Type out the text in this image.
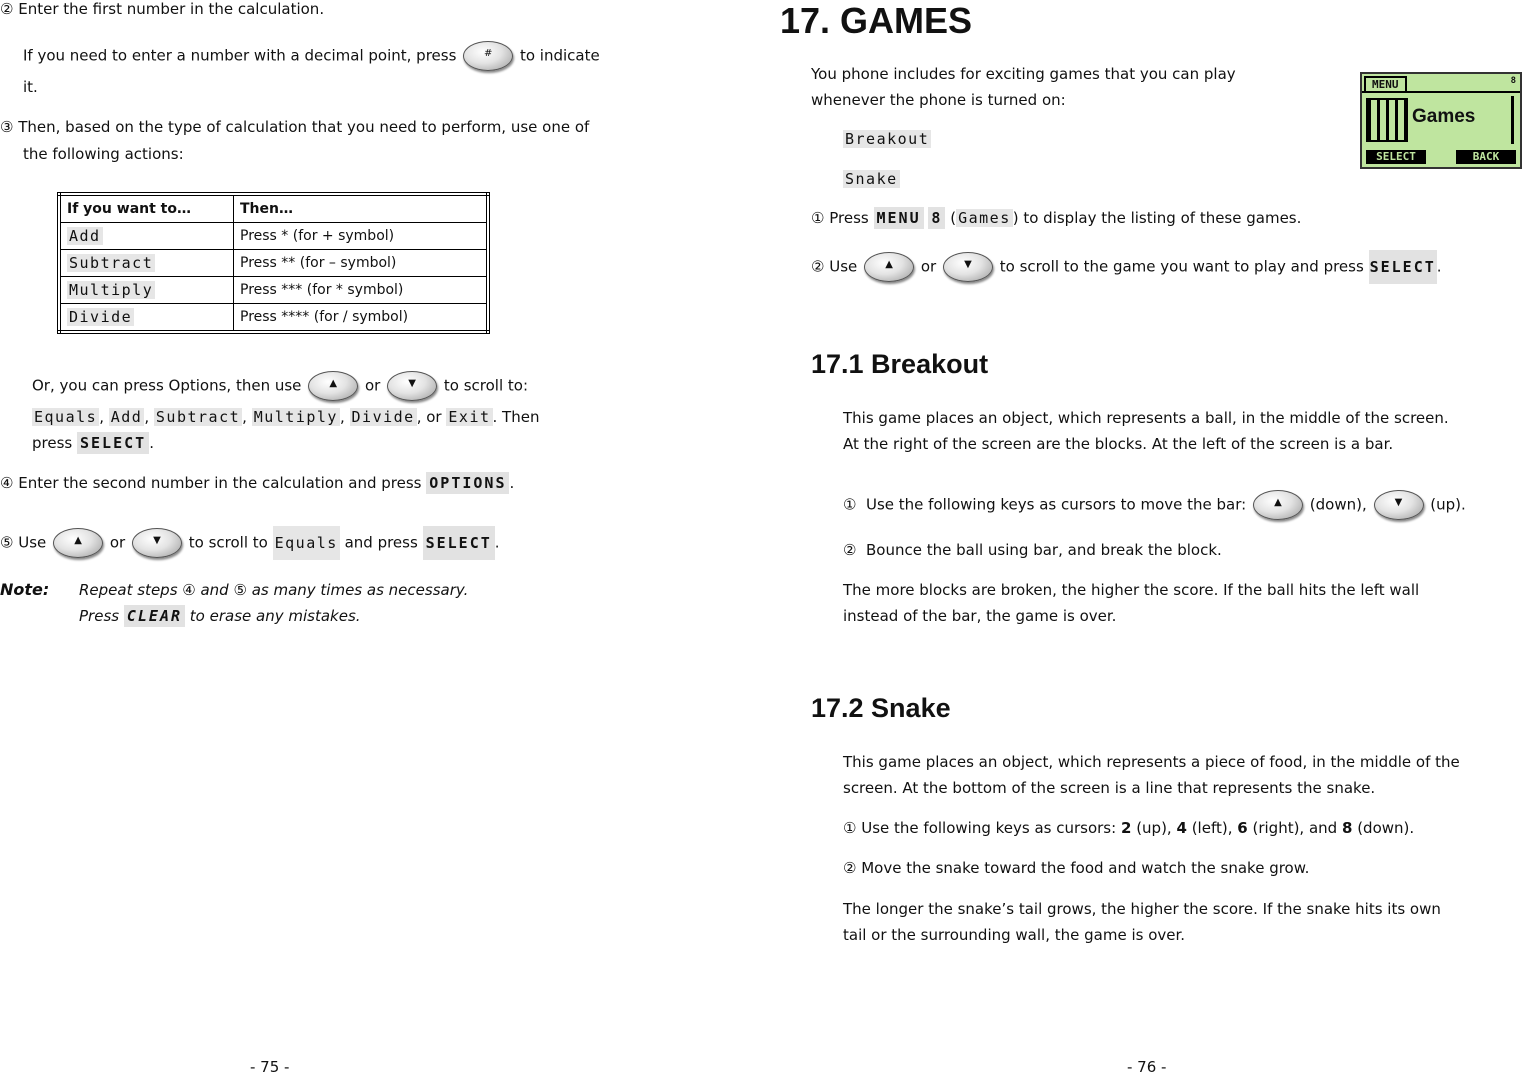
② Enter the first number in the calculation.
If you need to enter a number with a decimal point, press	#	to indicate
it.
③ Then, based on the type of calculation that you need to perform, use one of
the following actions:
If you want to…	Then…
Add	Press * (for + symbol)
Subtract	Press ** (for – symbol)
Multiply	Press *** (for * symbol)
Divide	Press **** (for / symbol)
Or, you can press Options, then use	▲	or	▼	to scroll to:
Equals , Add , Subtract , Multiply , Divide , or Exit . Then
press SELECT .
④ Enter the second number in the calculation and press OPTIONS .
⑤ Use	▲	or	▼	to scroll to Equals and press SELECT .
Note: Repeat steps ④ and ⑤ as many times as necessary.
Press CLEAR to erase any mistakes.
- 75 -
17. GAMES
You phone includes for exciting games that you can play
whenever the phone is turned on:
Breakout
Snake
MENU	8
Games
SELECT	BACK
① Press MENU 8 ( Games ) to display the listing of these games.
② Use	▲	or	▼	to scroll to the game you want to play and press SELECT.
17.1 Breakout
This game places an object, which represents a ball, in the middle of the screen.
At the right of the screen are the blocks. At the left of the screen is a bar.
① Use the following keys as cursors to move the bar:	▲	(down),	▼	(up).
② Bounce the ball using bar, and break the block.
The more blocks are broken, the higher the score. If the ball hits the left wall
instead of the bar, the game is over.
17.2 Snake
This game places an object, which represents a piece of food, in the middle of the
screen. At the bottom of the screen is a line that represents the snake.
① Use the following keys as cursors: 2 (up), 4 (left), 6 (right), and 8 (down).
② Move the snake toward the food and watch the snake grow.
The longer the snake’s tail grows, the higher the score. If the snake hits its own
tail or the surrounding wall, the game is over.
- 76 -
